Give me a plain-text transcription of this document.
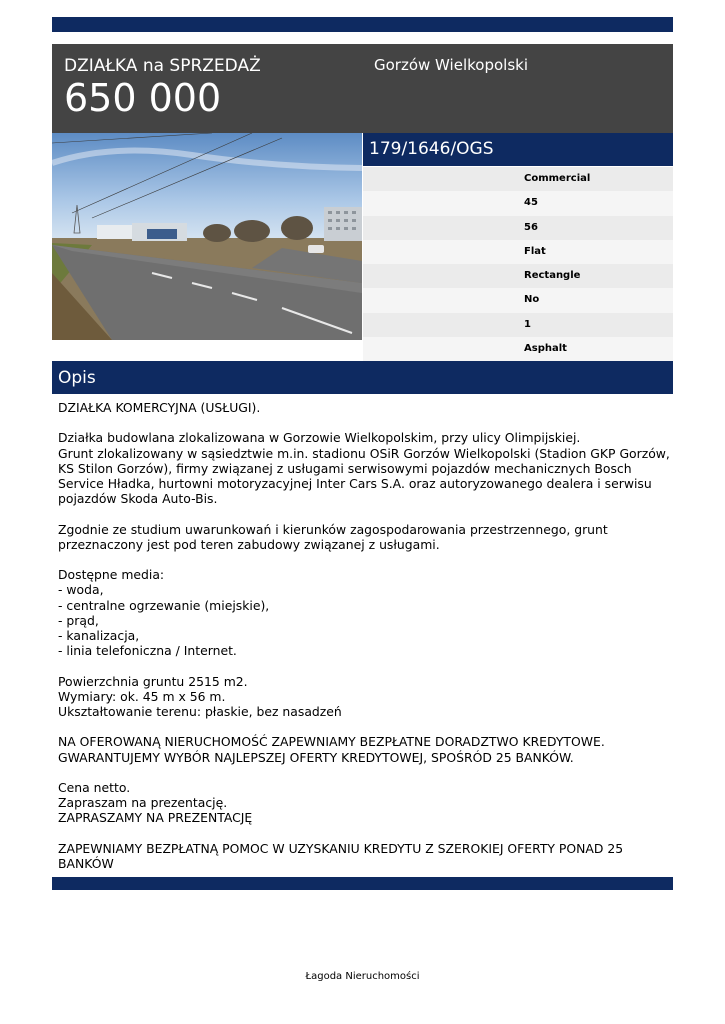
DZIAŁKA na SPRZEDAŻ
650 000
Gorzów Wielkopolski
179/1646/OGS
Commercial
45
56
Flat
Rectangle
No
1
Asphalt
Opis

DZIAŁKA KOMERCYJNA (USŁUGI).

Działka budowlana zlokalizowana w Gorzowie Wielkopolskim, przy ulicy Olimpijskiej.

Grunt zlokalizowany w sąsiedztwie m.in. stadionu OSiR Gorzów Wielkopolski (Stadion GKP Gorzów,

KS Stilon Gorzów), firmy związanej z usługami serwisowymi pojazdów mechanicznych Bosch

Service Hładka, hurtowni motoryzacyjnej Inter Cars S.A. oraz autoryzowanego dealera i serwisu

pojazdów Skoda Auto-Bis.

Zgodnie ze studium uwarunkowań i kierunków zagospodarowania przestrzennego, grunt

przeznaczony jest pod teren zabudowy związanej z usługami.

Dostępne media:

- woda,

- centralne ogrzewanie (miejskie),

- prąd,

- kanalizacja,

- linia telefoniczna / Internet.

Powierzchnia gruntu 2515 m2.

Wymiary: ok. 45 m x 56 m.

Ukształtowanie terenu: płaskie, bez nasadzeń

NA OFEROWANĄ NIERUCHOMOŚĆ ZAPEWNIAMY BEZPŁATNE DORADZTWO KREDYTOWE.

GWARANTUJEMY WYBÓR NAJLEPSZEJ OFERTY KREDYTOWEJ, SPOŚRÓD 25 BANKÓW.

Cena netto.

Zapraszam na prezentację.

ZAPRASZAMY NA PREZENTACJĘ

ZAPEWNIAMY BEZPŁATNĄ POMOC W UZYSKANIU KREDYTU Z SZEROKIEJ OFERTY PONAD 25

BANKÓW

Łagoda Nieruchomości
